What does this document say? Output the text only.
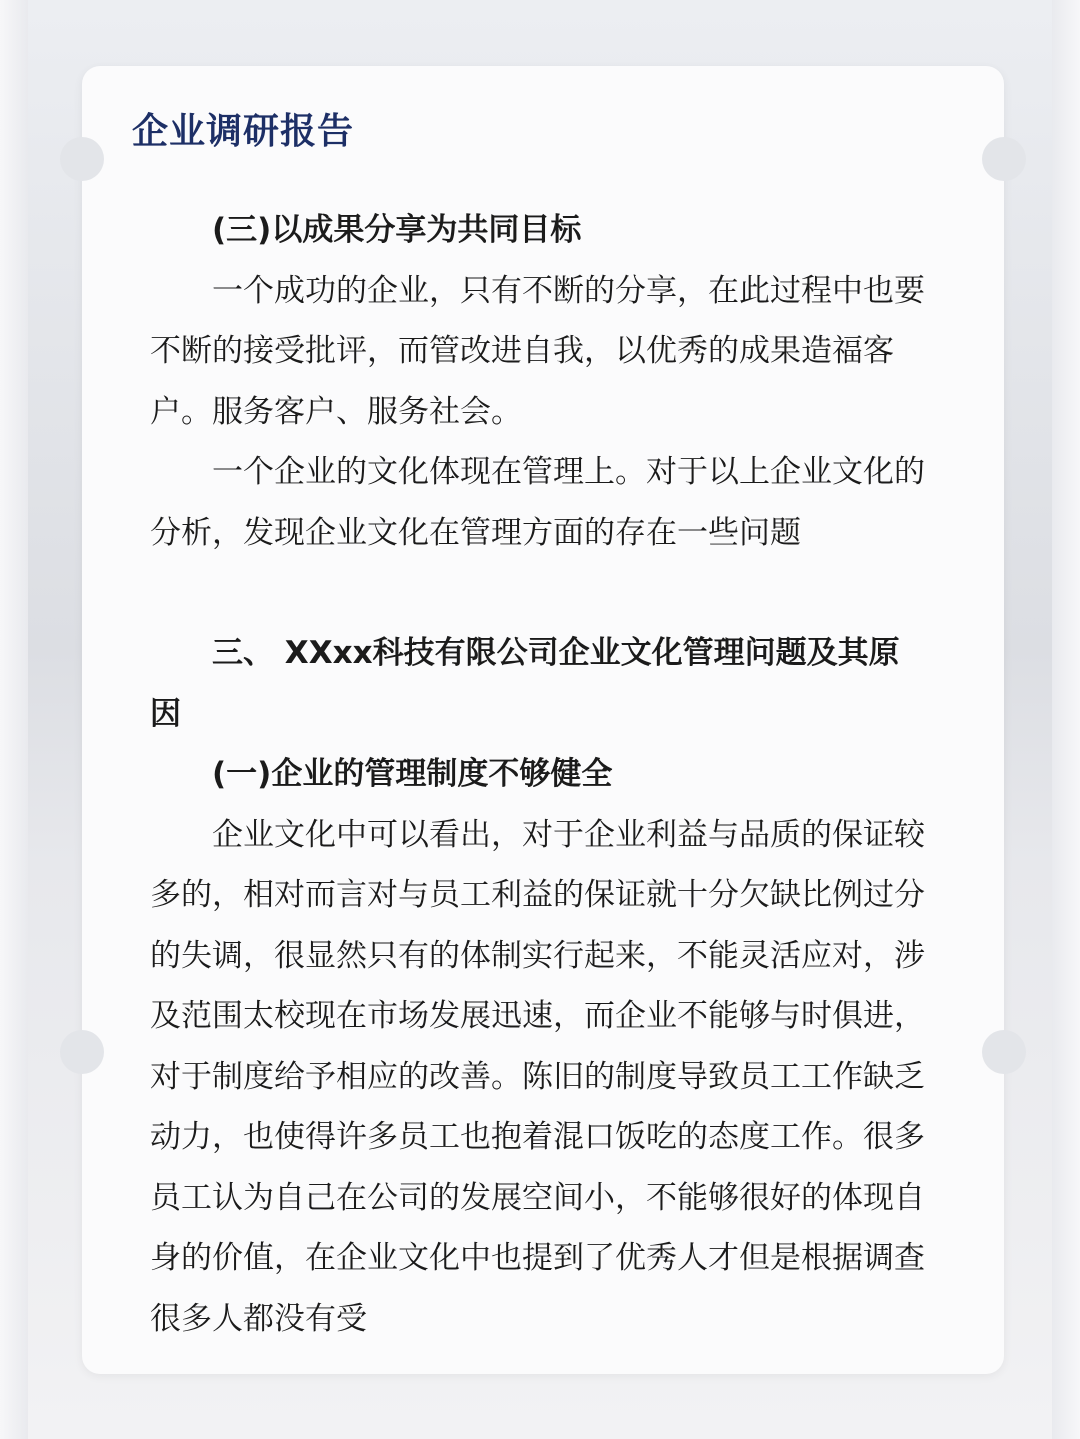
企业调研报告

(三)以成果分享为共同目标

一个成功的企业，只有不断的分享，在此过程中也要不断的接受批评，而管改进自我，以优秀的成果造福客户。服务客户、服务社会。

一个企业的文化体现在管理上。对于以上企业文化的分析，发现企业文化在管理方面的存在一些问题

三、 XXxx科技有限公司企业文化管理问题及其原因

(一)企业的管理制度不够健全

企业文化中可以看出，对于企业利益与品质的保证较多的，相对而言对与员工利益的保证就十分欠缺比例过分的失调，很显然只有的体制实行起来，不能灵活应对，涉及范围太校现在市场发展迅速，而企业不能够与时俱进，对于制度给予相应的改善。陈旧的制度导致员工工作缺乏动力，也使得许多员工也抱着混口饭吃的态度工作。很多员工认为自己在公司的发展空间小，不能够很好的体现自身的价值，在企业文化中也提到了优秀人才但是根据调查很多人都没有受
